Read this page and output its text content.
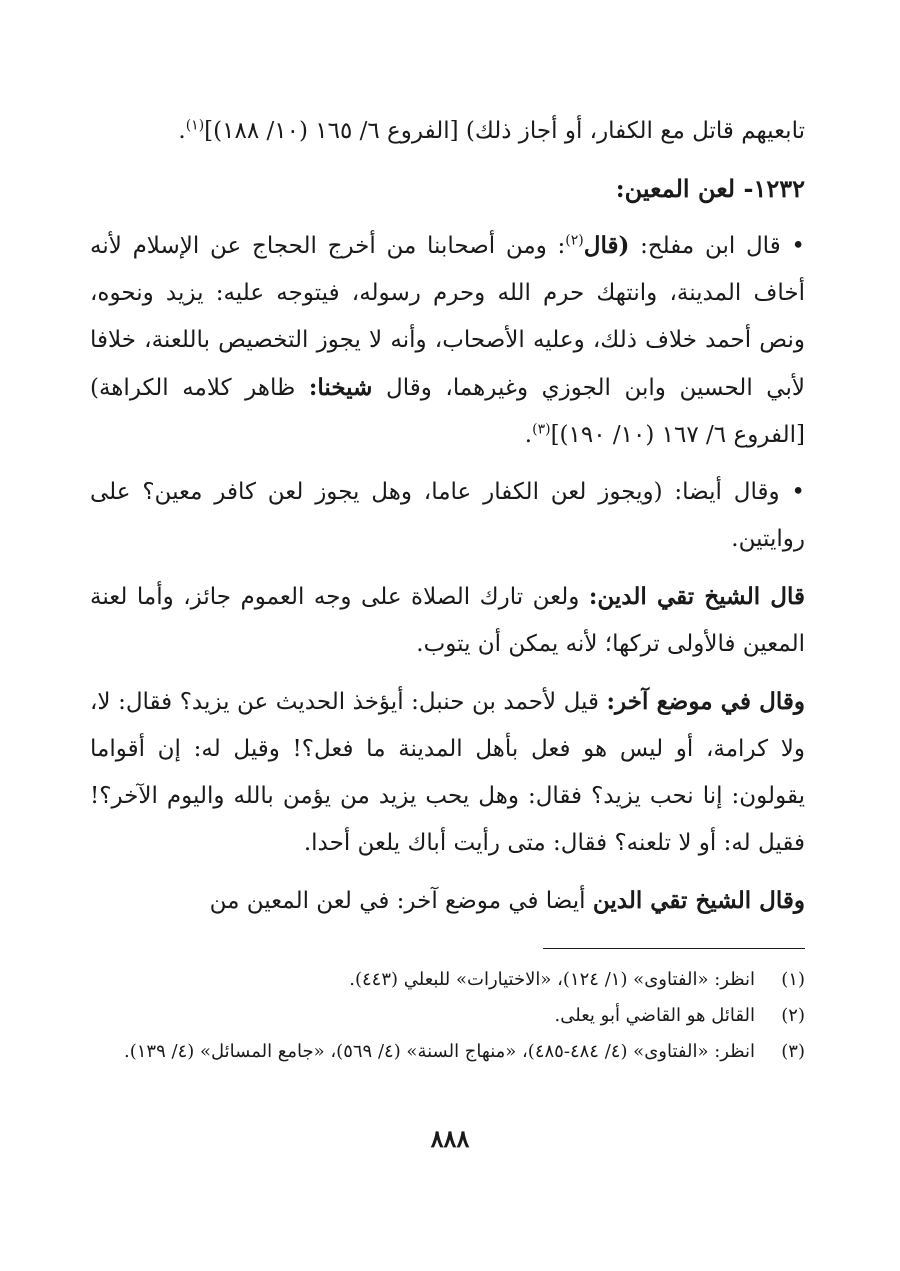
تابعيهم قاتل مع الكفار، أو أجاز ذلك) [الفروع ٦/ ١٦٥ (١٠/ ١٨٨)]$^{(١)}$.

١٢٣٢- لعن المعين:

• قال ابن مفلح: (قال$^{(٢)}$: ومن أصحابنا من أخرج الحجاج عن الإسلام لأنه أخاف المدينة، وانتهك حرم الله وحرم رسوله، فيتوجه عليه: يزيد ونحوه، ونص أحمد خلاف ذلك، وعليه الأصحاب، وأنه لا يجوز التخصيص باللعنة، خلافا لأبي الحسين وابن الجوزي وغيرهما، وقال شيخنا: ظاهر كلامه الكراهة) [الفروع ٦/ ١٦٧ (١٠/ ١٩٠)]$^{(٣)}$.

• وقال أيضا: (ويجوز لعن الكفار عاما، وهل يجوز لعن كافر معين؟ على روايتين.

قال الشيخ تقي الدين: ولعن تارك الصلاة على وجه العموم جائز، وأما لعنة المعين فالأولى تركها؛ لأنه يمكن أن يتوب.

وقال في موضع آخر: قيل لأحمد بن حنبل: أيؤخذ الحديث عن يزيد؟ فقال: لا، ولا كرامة، أو ليس هو فعل بأهل المدينة ما فعل؟! وقيل له: إن أقواما يقولون: إنا نحب يزيد؟ فقال: وهل يحب يزيد من يؤمن بالله واليوم الآخر؟! فقيل له: أو لا تلعنه؟ فقال: متى رأيت أباك يلعن أحدا.

وقال الشيخ تقي الدين أيضا في موضع آخر: في لعن المعين من

(١)انظر: «الفتاوى» (١/ ١٢٤)، «الاختيارات» للبعلي (٤٤٣).

(٢)القائل هو القاضي أبو يعلى.

(٣)انظر: «الفتاوى» (٤/ ٤٨٤-٤٨٥)، «منهاج السنة» (٤/ ٥٦٩)، «جامع المسائل» (٤/ ١٣٩).

٨٨٨
